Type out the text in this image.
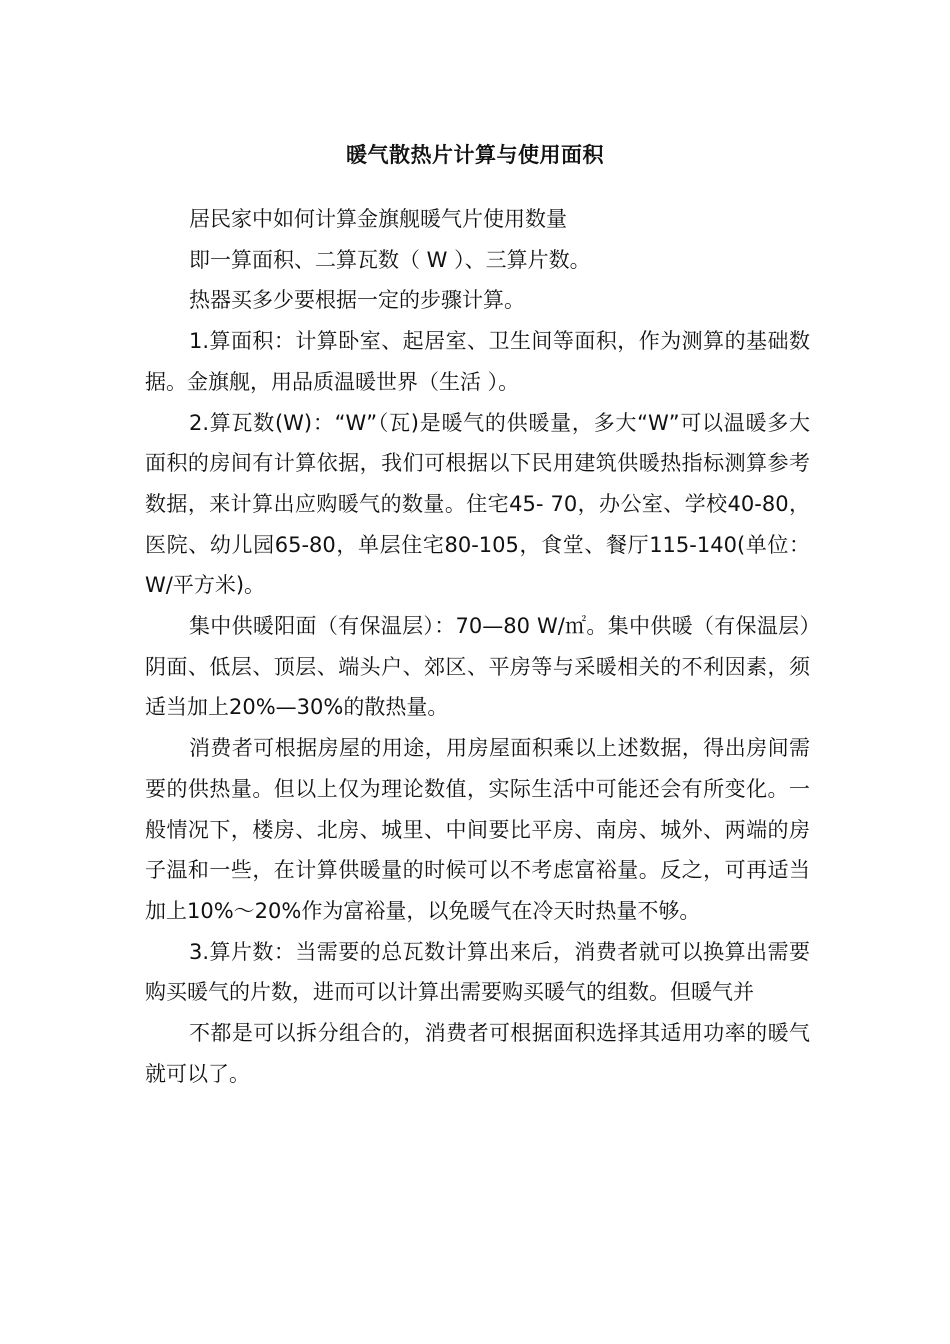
暖气散热片计算与使用面积

居民家中如何计算金旗舰暖气片使用数量

即一算面积、二算瓦数（ W ）、三算片数。

热器买多少要根据一定的步骤计算。

1.算面积：计算卧室、起居室、卫生间等面积，作为测算的基础数据。金旗舰，用品质温暖世界（生活 ）。

2.算瓦数(W)：“W”（瓦)是暖气的供暖量，多大“W”可以温暖多大面积的房间有计算依据，我们可根据以下民用建筑供暖热指标测算参考数据，来计算出应购暖气的数量。住宅45- 70，办公室、学校40-80，医院、幼儿园65-80，单层住宅80-105，食堂、餐厅115-140(单位：W/平方米)。

集中供暖阳面（有保温层）：70—80 W/㎡。集中供暖（有保温层）阴面、低层、顶层、端头户、郊区、平房等与采暖相关的不利因素，须适当加上20%—30%的散热量。

消费者可根据房屋的用途，用房屋面积乘以上述数据，得出房间需要的供热量。但以上仅为理论数值，实际生活中可能还会有所变化。一般情况下，楼房、北房、城里、中间要比平房、南房、城外、两端的房子温和一些，在计算供暖量的时候可以不考虑富裕量。反之，可再适当加上10%～20%作为富裕量，以免暖气在冷天时热量不够。

3.算片数：当需要的总瓦数计算出来后，消费者就可以换算出需要购买暖气的片数，进而可以计算出需要购买暖气的组数。但暖气并

不都是可以拆分组合的，消费者可根据面积选择其适用功率的暖气就可以了。
